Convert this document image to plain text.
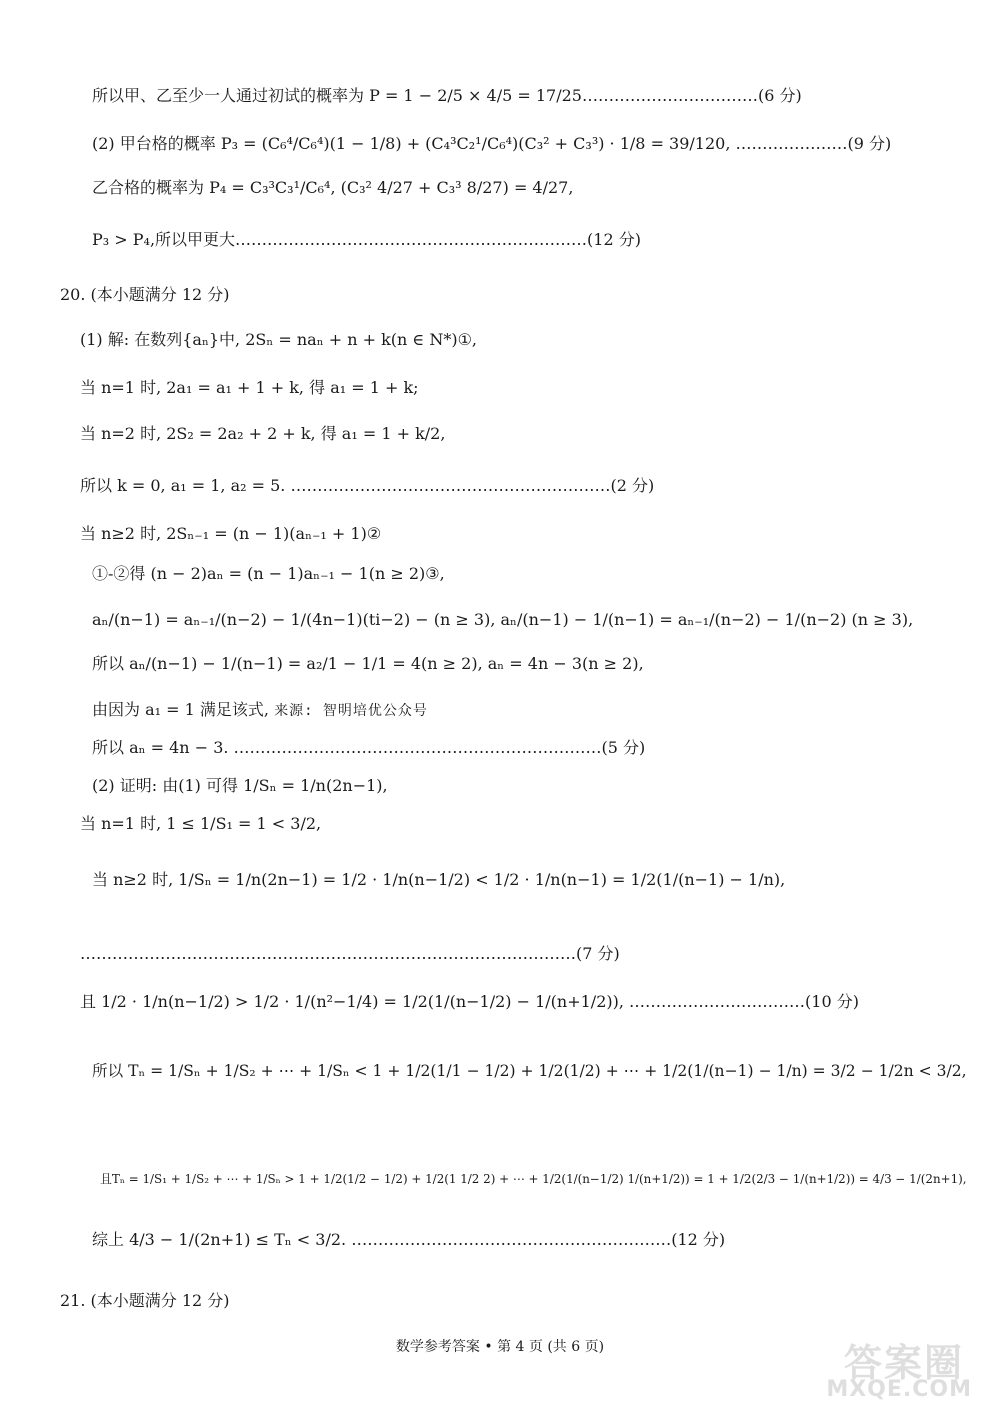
所以甲、乙至少一人通过初试的概率为 P = 1 − 2/5 × 4/5 = 17/25……………………………(6 分)
(2) 甲台格的概率 P₃ = (C₆⁴/C₆⁴)(1 − 1/8) + (C₄³C₂¹/C₆⁴)(C₃² + C₃³) · 1/8 = 39/120, …………………(9 分)
乙合格的概率为 P₄ = C₃³C₃¹/C₆⁴, (C₃² 4/27 + C₃³ 8/27) = 4/27,
P₃ > P₄,所以甲更大…………………………………………………………(12 分)
20. (本小题满分 12 分)
(1) 解: 在数列{aₙ}中, 2Sₙ = naₙ + n + k(n ∈ N*)①,
当 n=1 时, 2a₁ = a₁ + 1 + k, 得 a₁ = 1 + k;
当 n=2 时, 2S₂ = 2a₂ + 2 + k, 得 a₁ = 1 + k/2,
所以 k = 0, a₁ = 1, a₂ = 5. ……………………………………………………(2 分)
当 n≥2 时, 2Sₙ₋₁ = (n − 1)(aₙ₋₁ + 1)②
①-②得 (n − 2)aₙ = (n − 1)aₙ₋₁ − 1(n ≥ 2)③,
aₙ/(n−1) = aₙ₋₁/(n−2) − 1/(4n−1)(ti−2) − (n ≥ 3), aₙ/(n−1) − 1/(n−1) = aₙ₋₁/(n−2) − 1/(n−2) (n ≥ 3),
所以 aₙ/(n−1) − 1/(n−1) = a₂/1 − 1/1 = 4(n ≥ 2), aₙ = 4n − 3(n ≥ 2),
由因为 a₁ = 1 满足该式, 来源: 智明培优公众号
所以 aₙ = 4n − 3. ……………………………………………………………(5 分)
(2) 证明: 由(1) 可得 1/Sₙ = 1/n(2n−1),
当 n=1 时, 1 ≤ 1/S₁ = 1 < 3/2,
当 n≥2 时, 1/Sₙ = 1/n(2n−1) = 1/2 · 1/n(n−1/2) < 1/2 · 1/n(n−1) = 1/2(1/(n−1) − 1/n),
…………………………………………………………………………………(7 分)
且 1/2 · 1/n(n−1/2) > 1/2 · 1/(n²−1/4) = 1/2(1/(n−1/2) − 1/(n+1/2)), ……………………………(10 分)
所以 Tₙ = 1/Sₙ + 1/S₂ + ⋯ + 1/Sₙ < 1 + 1/2(1/1 − 1/2) + 1/2(1/2) + ⋯ + 1/2(1/(n−1) − 1/n) = 3/2 − 1/2n < 3/2,
且Tₙ = 1/S₁ + 1/S₂ + ⋯ + 1/Sₙ > 1 + 1/2(1/2 − 1/2) + 1/2(1 1/2 2) + ⋯ + 1/2(1/(n−1/2) 1/(n+1/2)) = 1 + 1/2(2/3 − 1/(n+1/2)) = 4/3 − 1/(2n+1),
综上 4/3 − 1/(2n+1) ≤ Tₙ < 3/2. ……………………………………………………(12 分)
21. (本小题满分 12 分)
数学参考答案 • 第 4 页 (共 6 页)	答案圈
MXQE.COM
